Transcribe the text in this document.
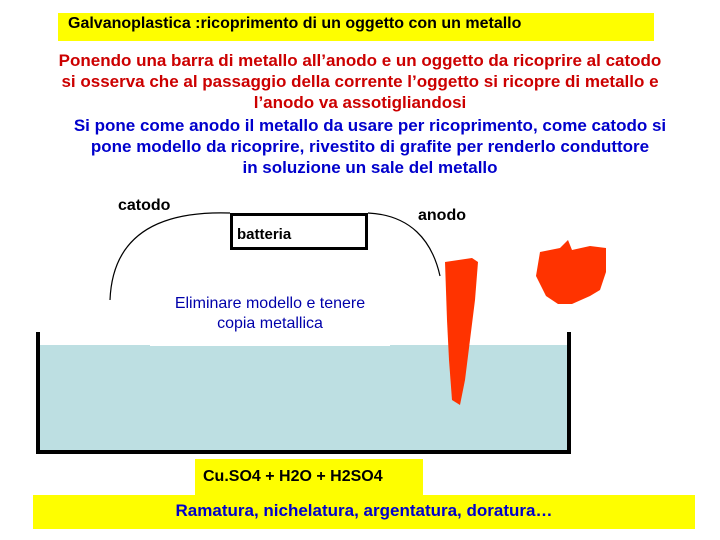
Galvanoplastica :ricoprimento di un oggetto con un metallo
Ponendo una barra di metallo all’anodo e un oggetto da ricoprire al catodo
si osserva che al passaggio della corrente l’oggetto si ricopre di metallo e
l’anodo va assotigliandosi
Si pone come anodo il metallo da usare per ricoprimento, come catodo si
pone modello da ricoprire, rivestito di grafite per renderlo conduttore
in soluzione un sale del metallo
catodo
anodo
batteria
Eliminare modello e tenere
copia metallica
Cu.SO4 + H2O + H2SO4
Ramatura, nichelatura, argentatura, doratura…
